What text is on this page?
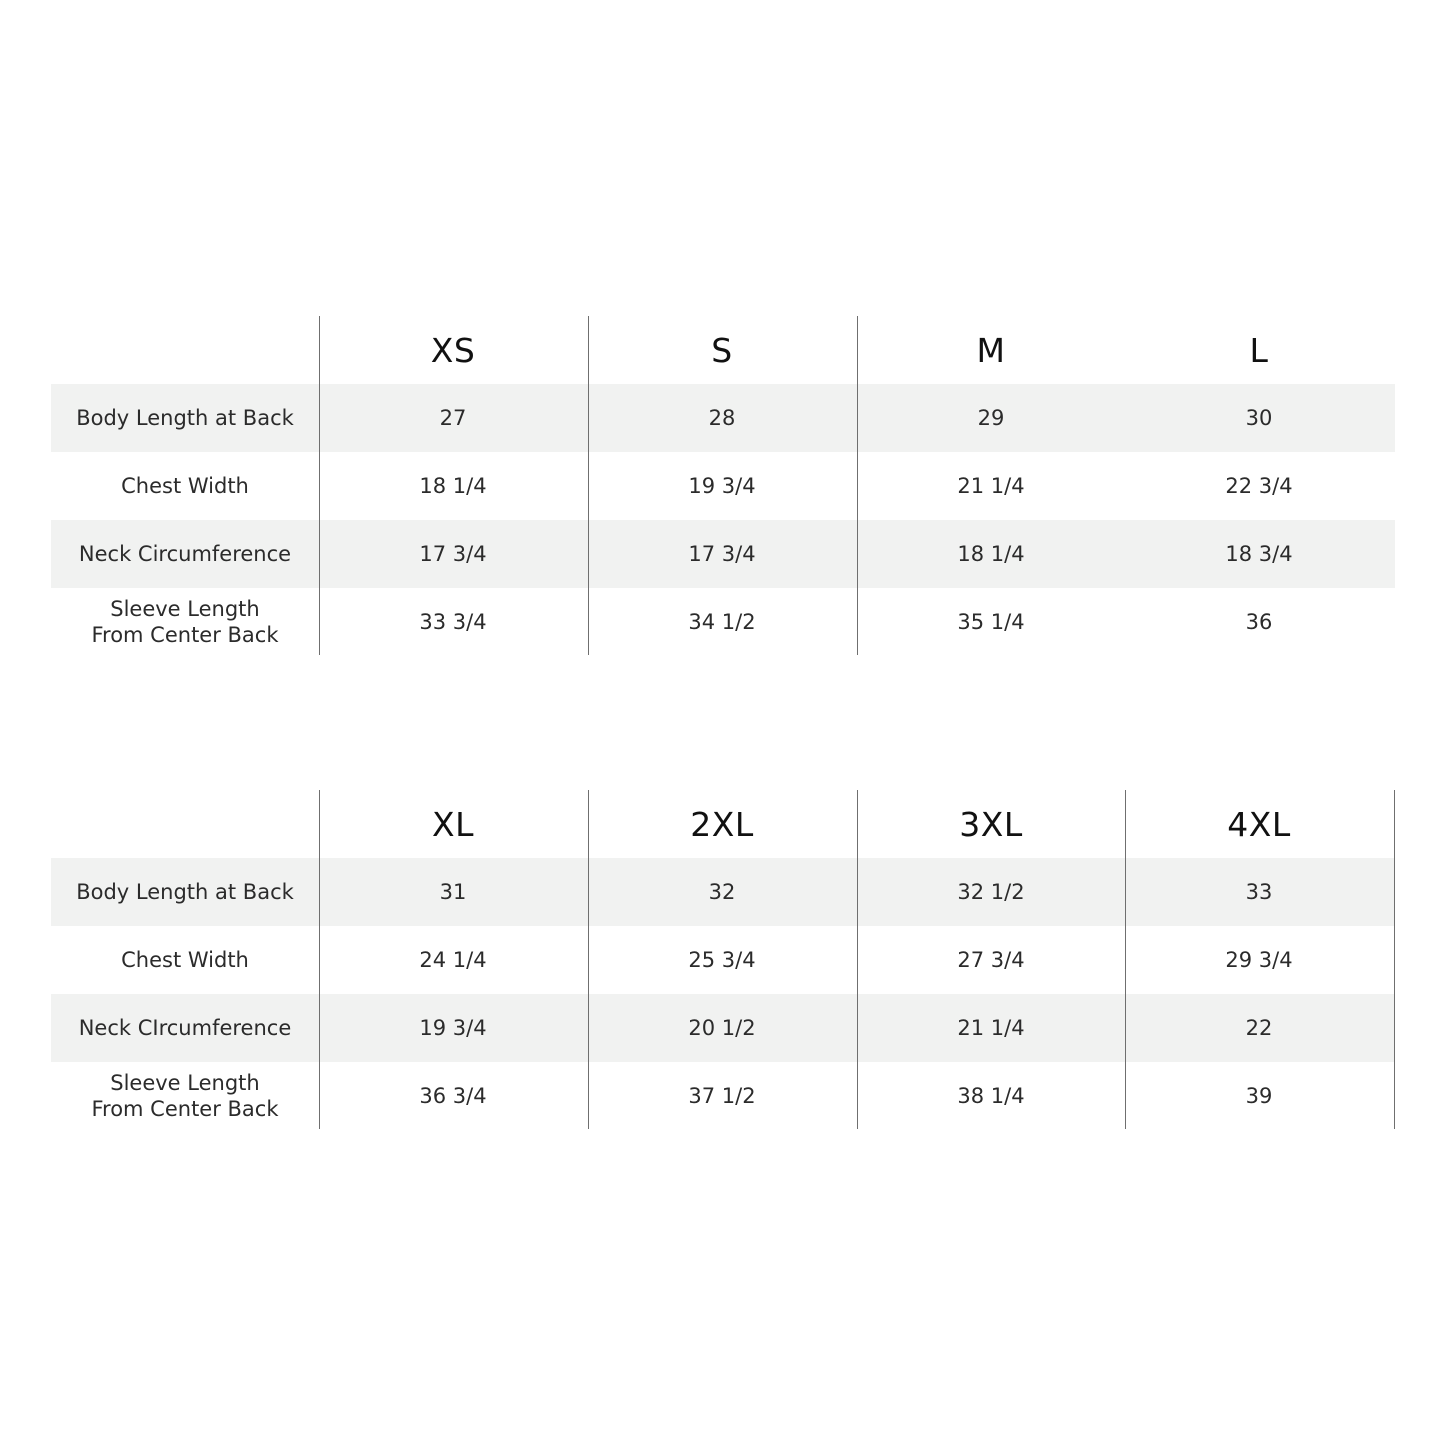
XS	S	M	L
Body Length at Back	27	28	29	30
Chest Width	18 1/4	19 3/4	21 1/4	22 3/4
Neck Circumference	17 3/4	17 3/4	18 1/4	18 3/4
Sleeve Length
From Center Back
33 3/4	34 1/2	35 1/4	36
XL	2XL	3XL	4XL
Body Length at Back	31	32	32 1/2	33
Chest Width	24 1/4	25 3/4	27 3/4	29 3/4
Neck CIrcumference	19 3/4	20 1/2	21 1/4	22
Sleeve Length
From Center Back
36 3/4	37 1/2	38 1/4	39
